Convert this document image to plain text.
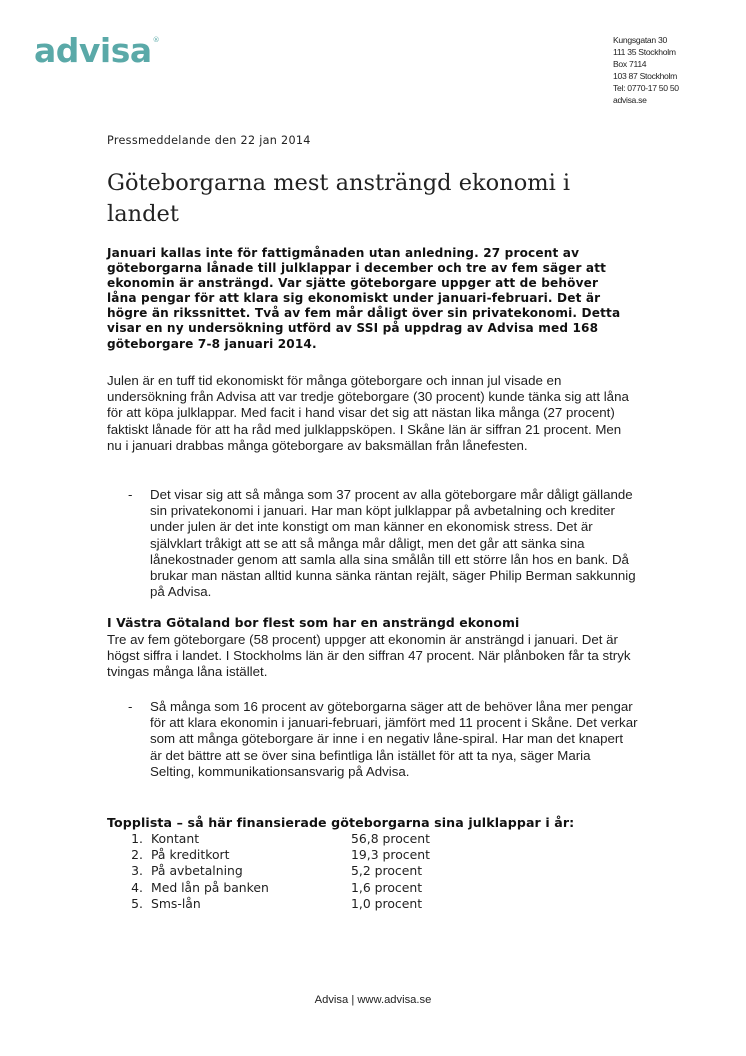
advisa®	Kungsgatan 30
111 35 Stockholm
Box 7114
103 87 Stockholm
Tel: 0770-17 50 50
advisa.se
Pressmeddelande den 22 jan 2014
Göteborgarna mest ansträngd ekonomi i landet
Januari kallas inte för fattigmånaden utan anledning. 27 procent av göteborgarna lånade till julklappar i december och tre av fem säger att ekonomin är ansträngd. Var sjätte göteborgare uppger att de behöver låna pengar för att klara sig ekonomiskt under januari-februari. Det är högre än rikssnittet. Två av fem mår dåligt över sin privatekonomi. Detta visar en ny undersökning utförd av SSI på uppdrag av Advisa med 168 göteborgare 7-8 januari 2014.
Julen är en tuff tid ekonomiskt för många göteborgare och innan jul visade en undersökning från Advisa att var tredje göteborgare (30 procent) kunde tänka sig att låna för att köpa julklappar. Med facit i hand visar det sig att nästan lika många (27 procent) faktiskt lånade för att ha råd med julklappsköpen. I Skåne län är siffran 21 procent. Men nu i januari drabbas många göteborgare av baksmällan från lånefesten.
- Det visar sig att så många som 37 procent av alla göteborgare mår dåligt gällande sin privatekonomi i januari. Har man köpt julklappar på avbetalning och krediter under julen är det inte konstigt om man känner en ekonomisk stress. Det är självklart tråkigt att se att så många mår dåligt, men det går att sänka sina lånekostnader genom att samla alla sina smålån till ett större lån hos en bank. Då brukar man nästan alltid kunna sänka räntan rejält, säger Philip Berman sakkunnig på Advisa.
I Västra Götaland bor flest som har en ansträngd ekonomi
Tre av fem göteborgare (58 procent) uppger att ekonomin är ansträngd i januari. Det är högst siffra i landet. I Stockholms län är den siffran 47 procent. När plånboken får ta stryk tvingas många låna istället.
- Så många som 16 procent av göteborgarna säger att de behöver låna mer pengar för att klara ekonomin i januari-februari, jämfört med 11 procent i Skåne. Det verkar som att många göteborgare är inne i en negativ låne-spiral. Har man det knapert är det bättre att se över sina befintliga lån istället för att ta nya, säger Maria Selting, kommunikationsansvarig på Advisa.
Topplista – så här finansierade göteborgarna sina julklappar i år:
1. Kontant	56,8 procent
2. På kreditkort	19,3 procent
3. På avbetalning	5,2 procent
4. Med lån på banken	1,6 procent
5. Sms-lån	1,0 procent
Advisa | www.advisa.se
